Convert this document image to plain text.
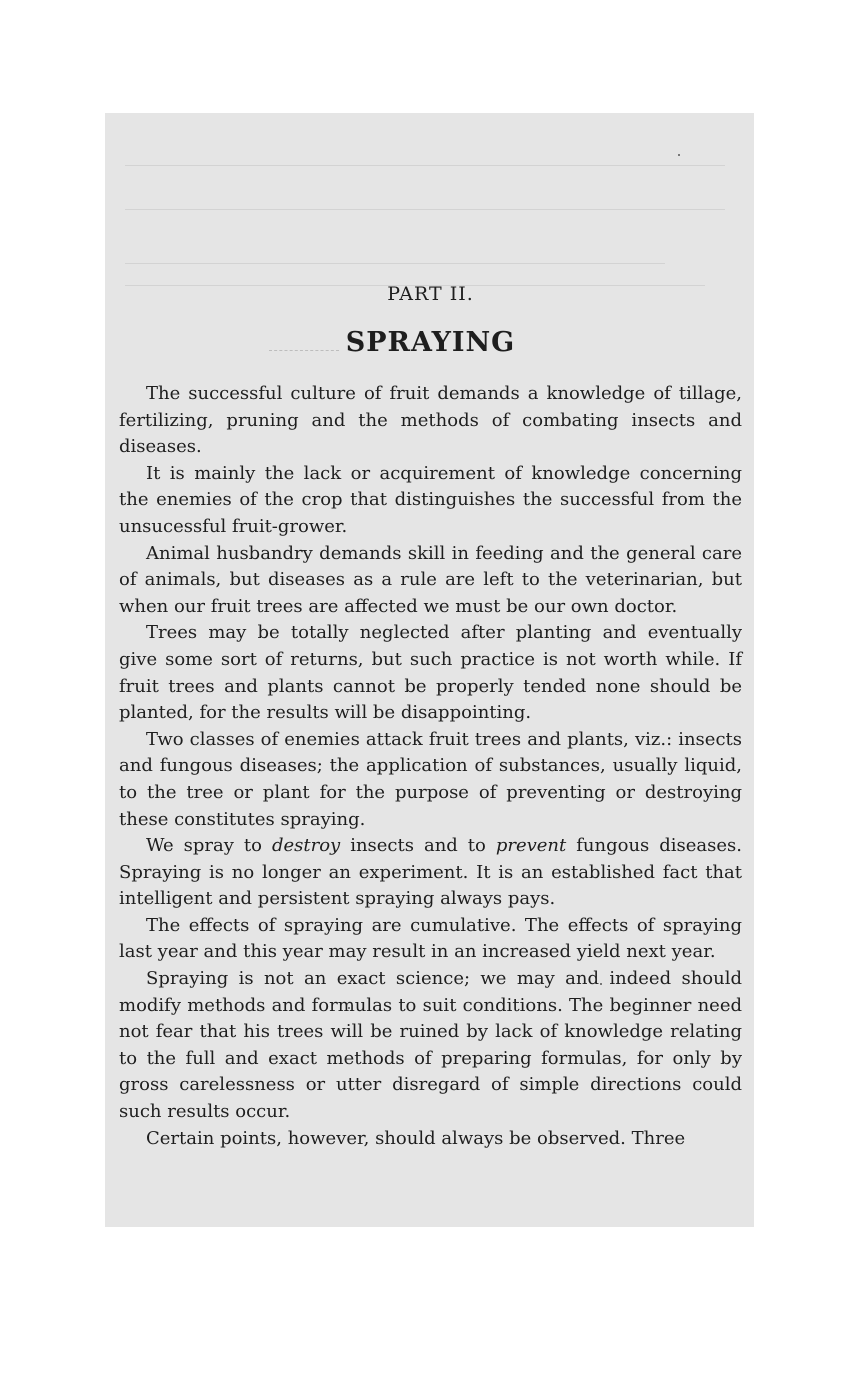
PART II.
SPRAYING

The successful culture of fruit demands a knowledge of tillage, fertilizing, pruning and the methods of combating insects and diseases.

It is mainly the lack or acquirement of knowledge concerning the enemies of the crop that distinguishes the successful from the unsucessful fruit-grower.

Animal husbandry demands skill in feeding and the general care of animals, but diseases as a rule are left to the veterinarian, but when our fruit trees are affected we must be our own doctor.

Trees may be totally neglected after planting and eventually give some sort of returns, but such practice is not worth while. If fruit trees and plants cannot be properly tended none should be planted, for the results will be disappointing.

Two classes of enemies attack fruit trees and plants, viz.: insects and fungous diseases; the application of substances, usually liquid, to the tree or plant for the purpose of preventing or destroying these constitutes spraying.

We spray to destroy insects and to prevent fungous diseases. Spraying is no longer an experiment. It is an established fact that intelligent and persistent spraying always pays.

The effects of spraying are cumulative. The effects of spraying last year and this year may result in an increased yield next year.

Spraying is not an exact science; we may and indeed should modify methods and formulas to suit conditions. The beginner need not fear that his trees will be ruined by lack of knowledge relating to the full and exact methods of preparing formulas, for only by gross carelessness or utter disregard of simple directions could such results occur.

Certain points, however, should always be observed. Three
